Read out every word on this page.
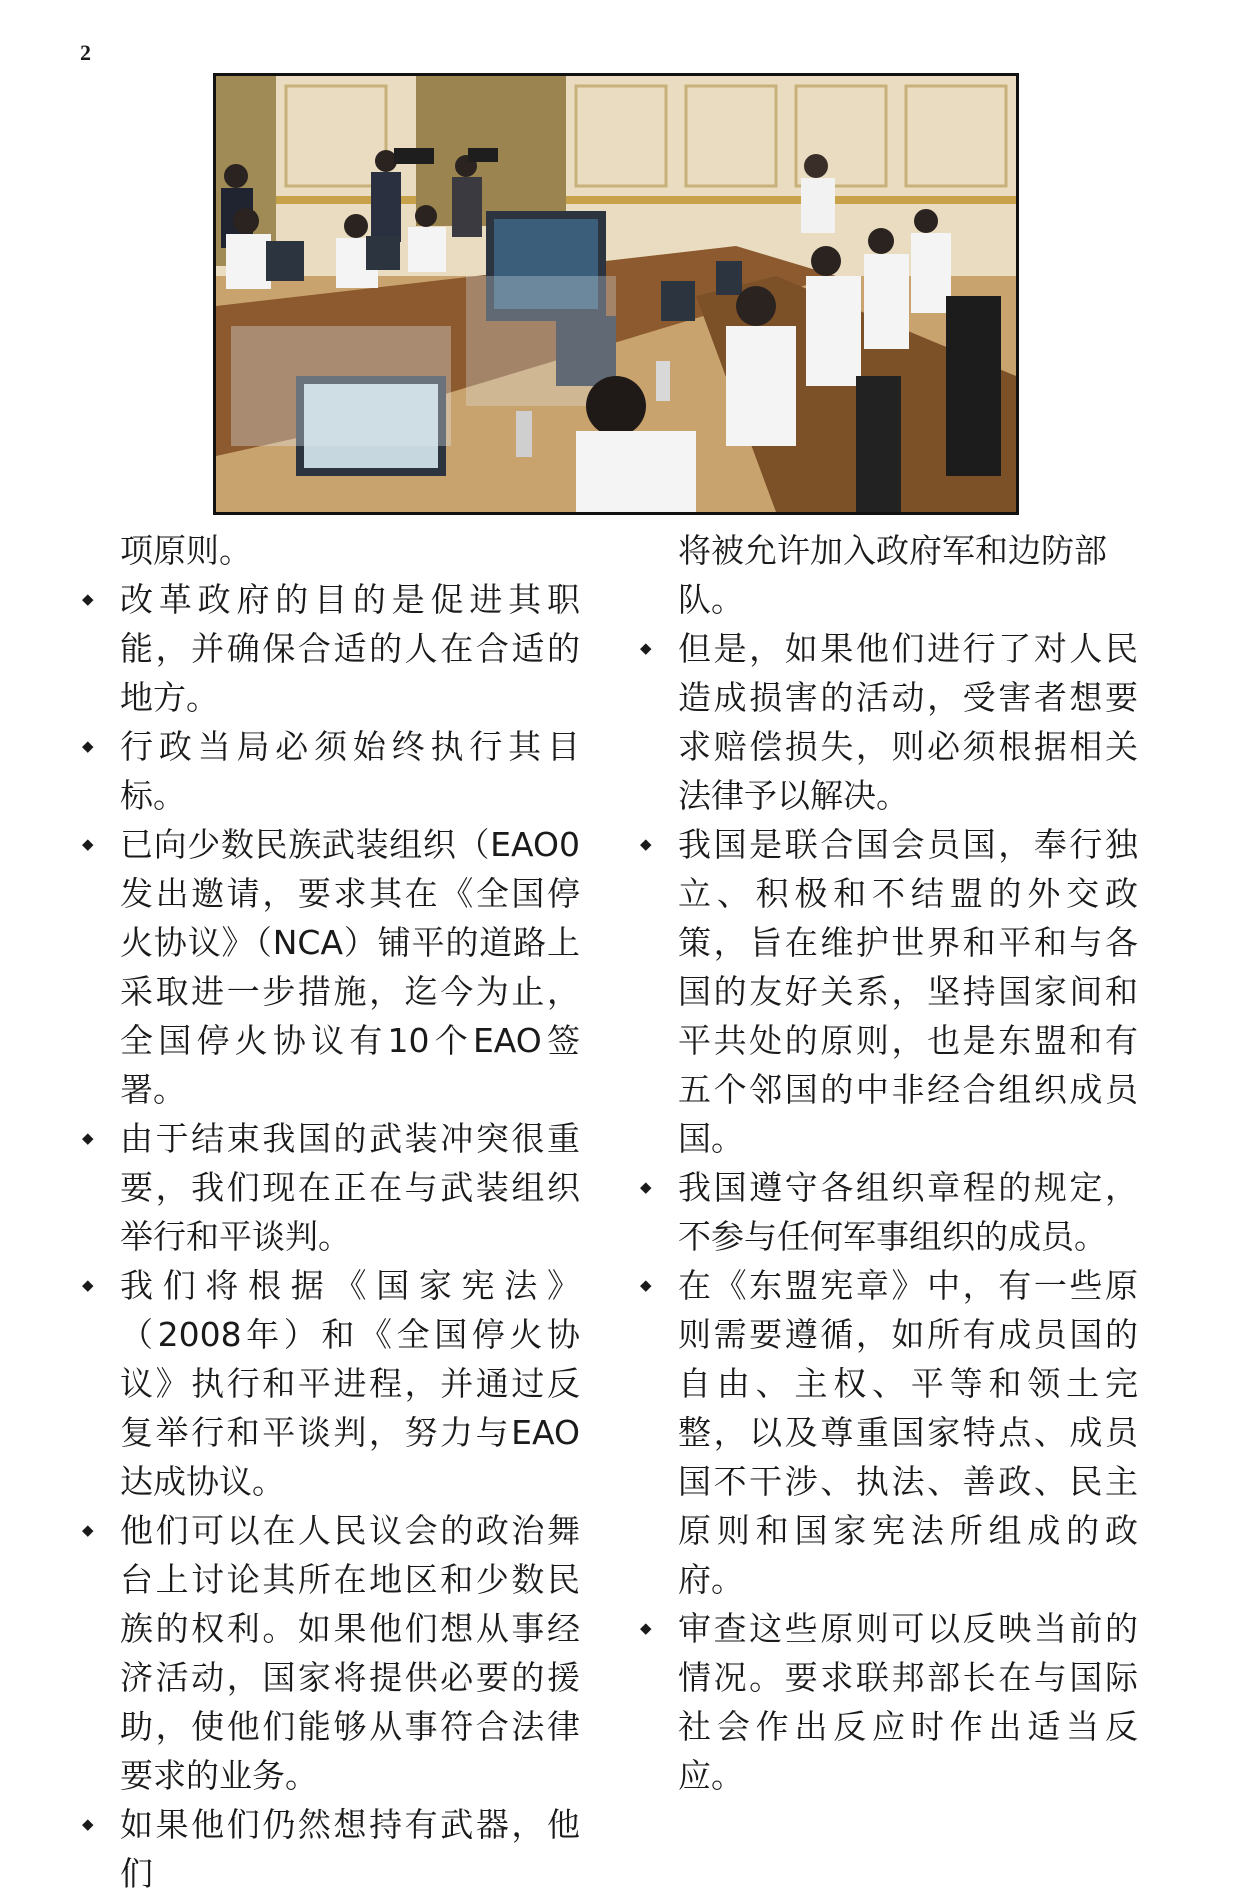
2
项原则。
◆ 改革政府的目的是促进其职能，并确保合适的人在合适的地方。
◆ 行政当局必须始终执行其目标。
◆ 已向少数民族武装组织（EAO0发出邀请，要求其在《全国停火协议》（NCA）铺平的道路上采取进一步措施，迄今为止，全国停火协议有10个EAO签署。
◆ 由于结束我国的武装冲突很重要，我们现在正在与武装组织举行和平谈判。
◆ 我们将根据《国家宪法》（2008年）和《全国停火协议》执行和平进程，并通过反复举行和平谈判，努力与EAO达成协议。
◆ 他们可以在人民议会的政治舞台上讨论其所在地区和少数民族的权利。如果他们想从事经济活动，国家将提供必要的援助，使他们能够从事符合法律要求的业务。
◆ 如果他们仍然想持有武器，他们
将被允许加入政府军和边防部队。
◆ 但是，如果他们进行了对人民造成损害的活动，受害者想要求赔偿损失，则必须根据相关法律予以解决。
◆ 我国是联合国会员国，奉行独立、积极和不结盟的外交政策，旨在维护世界和平和与各国的友好关系，坚持国家间和平共处的原则，也是东盟和有五个邻国的中非经合组织成员国。
◆ 我国遵守各组织章程的规定，不参与任何军事组织的成员。
◆ 在《东盟宪章》中，有一些原则需要遵循，如所有成员国的自由、主权、平等和领土完整，以及尊重国家特点、成员国不干涉、执法、善政、民主原则和国家宪法所组成的政府。
◆ 审查这些原则可以反映当前的情况。要求联邦部长在与国际社会作出反应时作出适当反应。
